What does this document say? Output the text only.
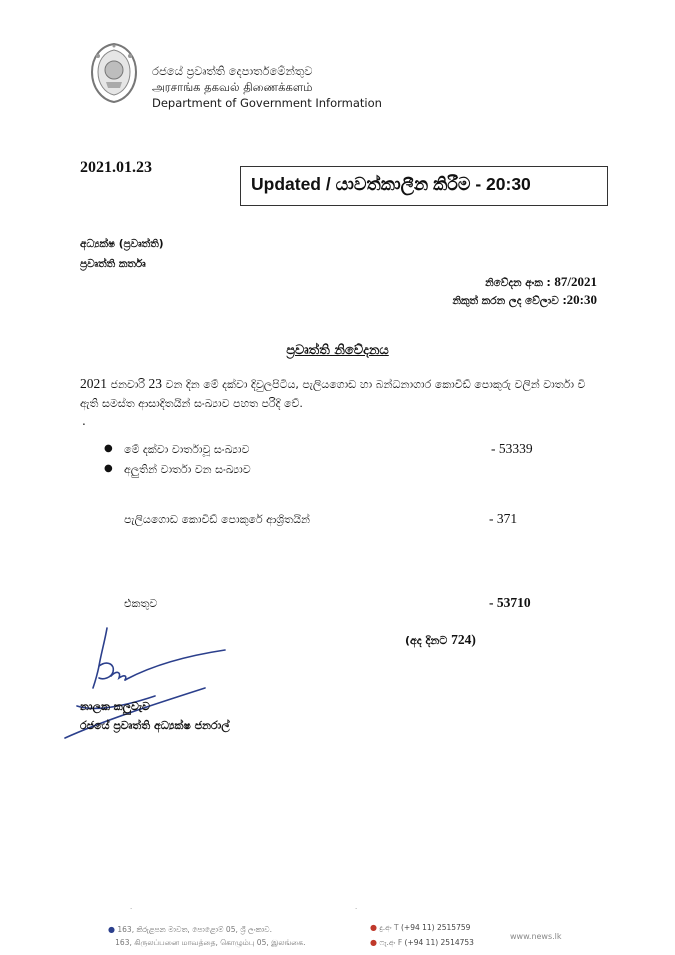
රජයේ ප්‍රවෘත්ති දෙපාර්තමේන්තුව
அரசாங்க தகவல் திணைக்களம்
Department of Government Information
2021.01.23
Updated / යාවත්කාලීන කිරීම - 20:30
අධ්‍යක්ෂ (ප්‍රවෘත්ති)
ප්‍රවෘත්ති කර්තෘ
නිවේදන අංක : 87/2021
නිකුත් කරන ලද වේලාව :20:30
ප්‍රවෘත්ති නිවේදනය
2021 ජනවාරි 23 වන දින මේ දක්වා දිවුලපිටිය, පැලියගොඩ හා බන්ධනාගාර කොවිඩ් පොකුරු වලින් වාර්තා වී ඇති සමස්ත ආසාදිතයින් සංඛ්‍යාව පහත පරිදි වේ.
.
●
●
මේ දක්වා වාර්තාවූ සංඛ්‍යාව	- 53339
අලුතින් වාර්තා වන සංඛ්‍යාව
පැලියගොඩ කොවිඩ් පොකුරේ ආශ්‍රිතයින්	- 371
එකතුව	- 53710
(අද දිනට 724)
නාලක කලුවැව
රජයේ ප්‍රවෘත්ති අධ්‍යක්ෂ ජනරාල්
·	·
● 163, කිරුළපන මාවත, පොළොම් 05, ශ්‍රී ලංකාව.
163, கிருலப்பனை மாவத்தை, கொழும்பு 05, இலங்கை.
● දු.අං T (+94 11) 2515759
● ෆැ.අං F (+94 11) 2514753
www.news.lk
